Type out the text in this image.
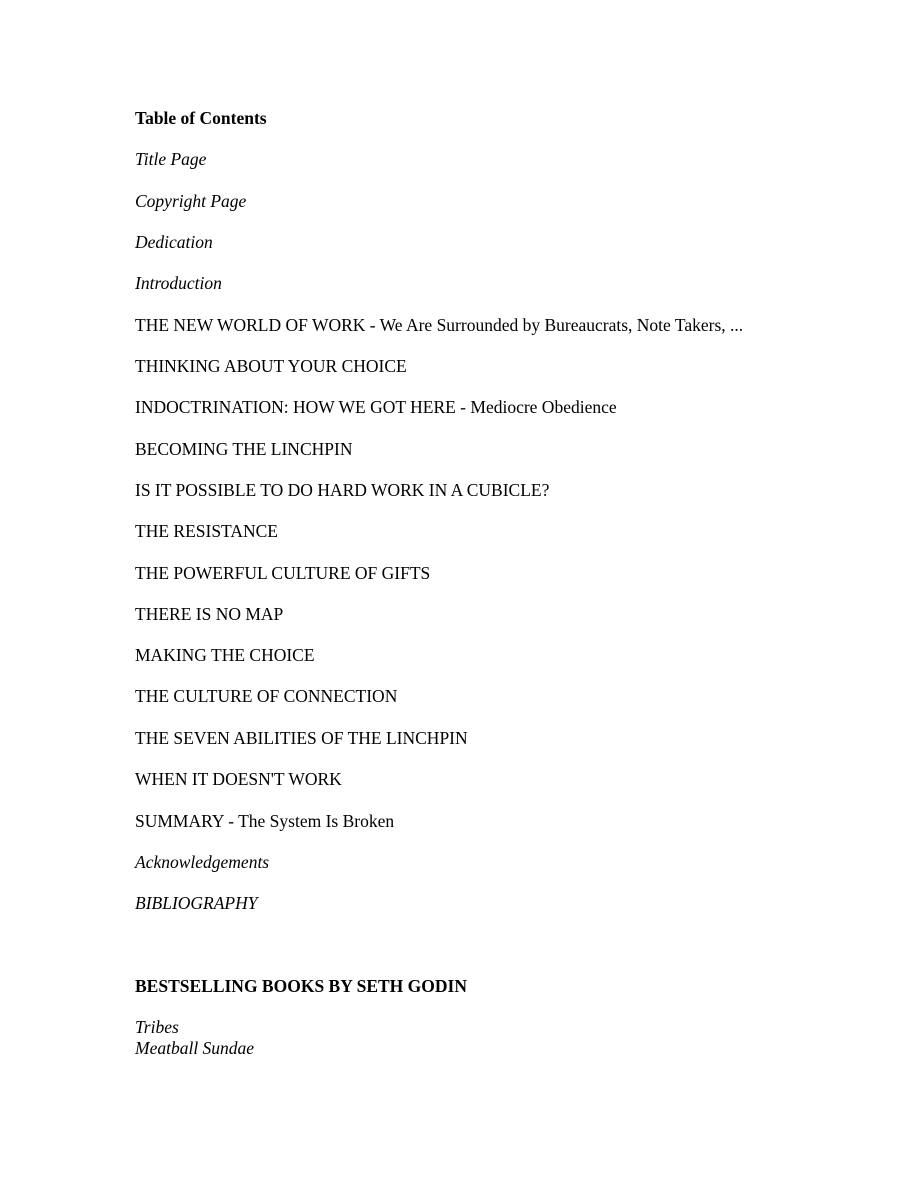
Table of Contents
Title Page
Copyright Page
Dedication
Introduction
THE NEW WORLD OF WORK - We Are Surrounded by Bureaucrats, Note Takers, ...
THINKING ABOUT YOUR CHOICE
INDOCTRINATION: HOW WE GOT HERE - Mediocre Obedience
BECOMING THE LINCHPIN
IS IT POSSIBLE TO DO HARD WORK IN A CUBICLE?
THE RESISTANCE
THE POWERFUL CULTURE OF GIFTS
THERE IS NO MAP
MAKING THE CHOICE
THE CULTURE OF CONNECTION
THE SEVEN ABILITIES OF THE LINCHPIN
WHEN IT DOESN'T WORK
SUMMARY - The System Is Broken
Acknowledgements
BIBLIOGRAPHY
BESTSELLING BOOKS BY SETH GODIN
Tribes
Meatball Sundae
